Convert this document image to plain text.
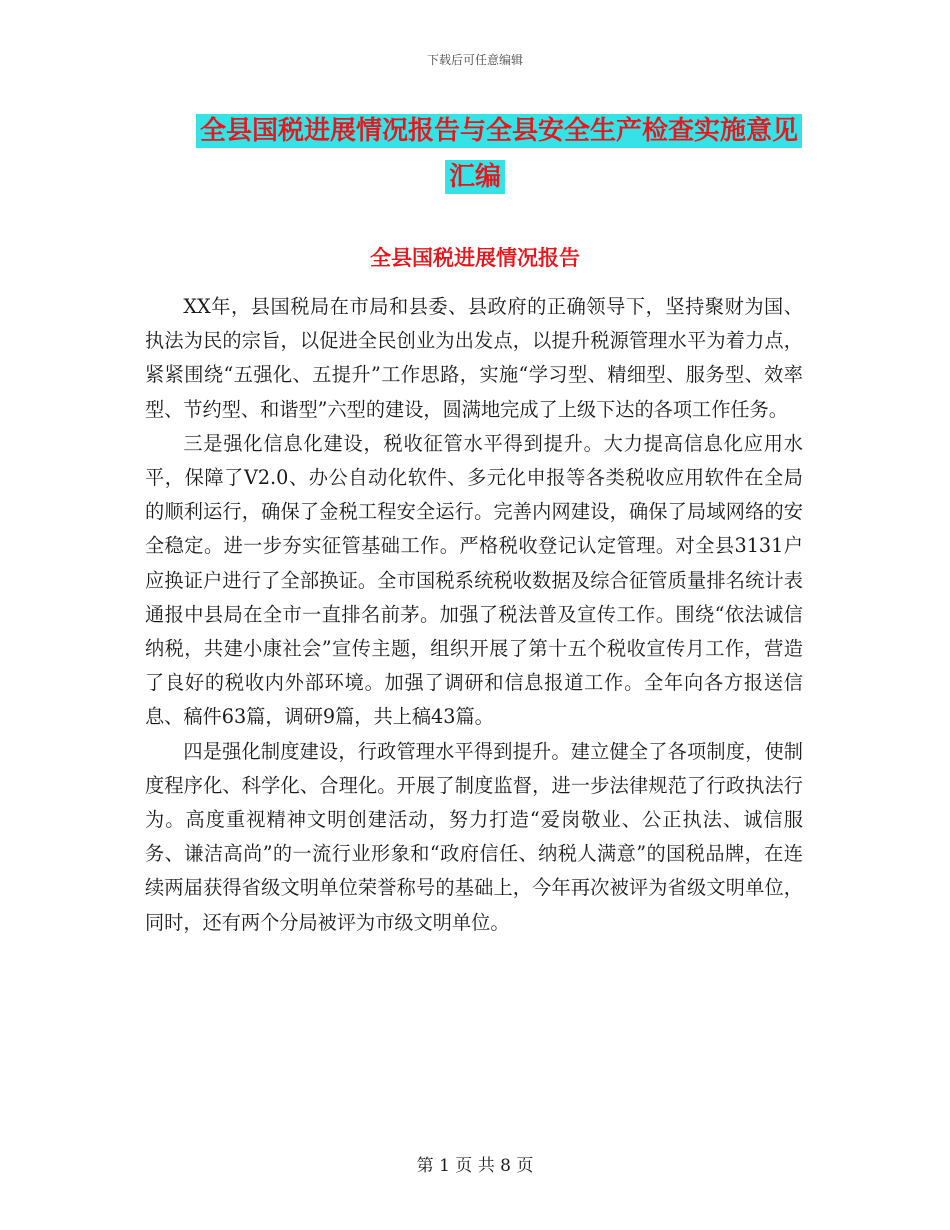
下载后可任意编辑
全县国税进展情况报告与全县安全生产检查实施意见
汇编
全县国税进展情况报告

XX年，县国税局在市局和县委、县政府的正确领导下，坚持聚财为国、执法为民的宗旨，以促进全民创业为出发点，以提升税源管理水平为着力点，紧紧围绕“五强化、五提升”工作思路，实施“学习型、精细型、服务型、效率型、节约型、和谐型”六型的建设，圆满地完成了上级下达的各项工作任务。

三是强化信息化建设，税收征管水平得到提升。大力提高信息化应用水平，保障了V2.0、办公自动化软件、多元化申报等各类税收应用软件在全局的顺利运行，确保了金税工程安全运行。完善内网建设，确保了局域网络的安全稳定。进一步夯实征管基础工作。严格税收登记认定管理。对全县3131户应换证户进行了全部换证。全市国税系统税收数据及综合征管质量排名统计表通报中县局在全市一直排名前茅。加强了税法普及宣传工作。围绕“依法诚信纳税，共建小康社会”宣传主题，组织开展了第十五个税收宣传月工作，营造了良好的税收内外部环境。加强了调研和信息报道工作。全年向各方报送信息、稿件63篇，调研9篇，共上稿43篇。

四是强化制度建设，行政管理水平得到提升。建立健全了各项制度，使制度程序化、科学化、合理化。开展了制度监督，进一步法律规范了行政执法行为。高度重视精神文明创建活动，努力打造“爱岗敬业、公正执法、诚信服务、谦洁高尚”的一流行业形象和“政府信任、纳税人满意”的国税品牌，在连续两届获得省级文明单位荣誉称号的基础上，今年再次被评为省级文明单位，同时，还有两个分局被评为市级文明单位。

第 1 页 共 8 页
